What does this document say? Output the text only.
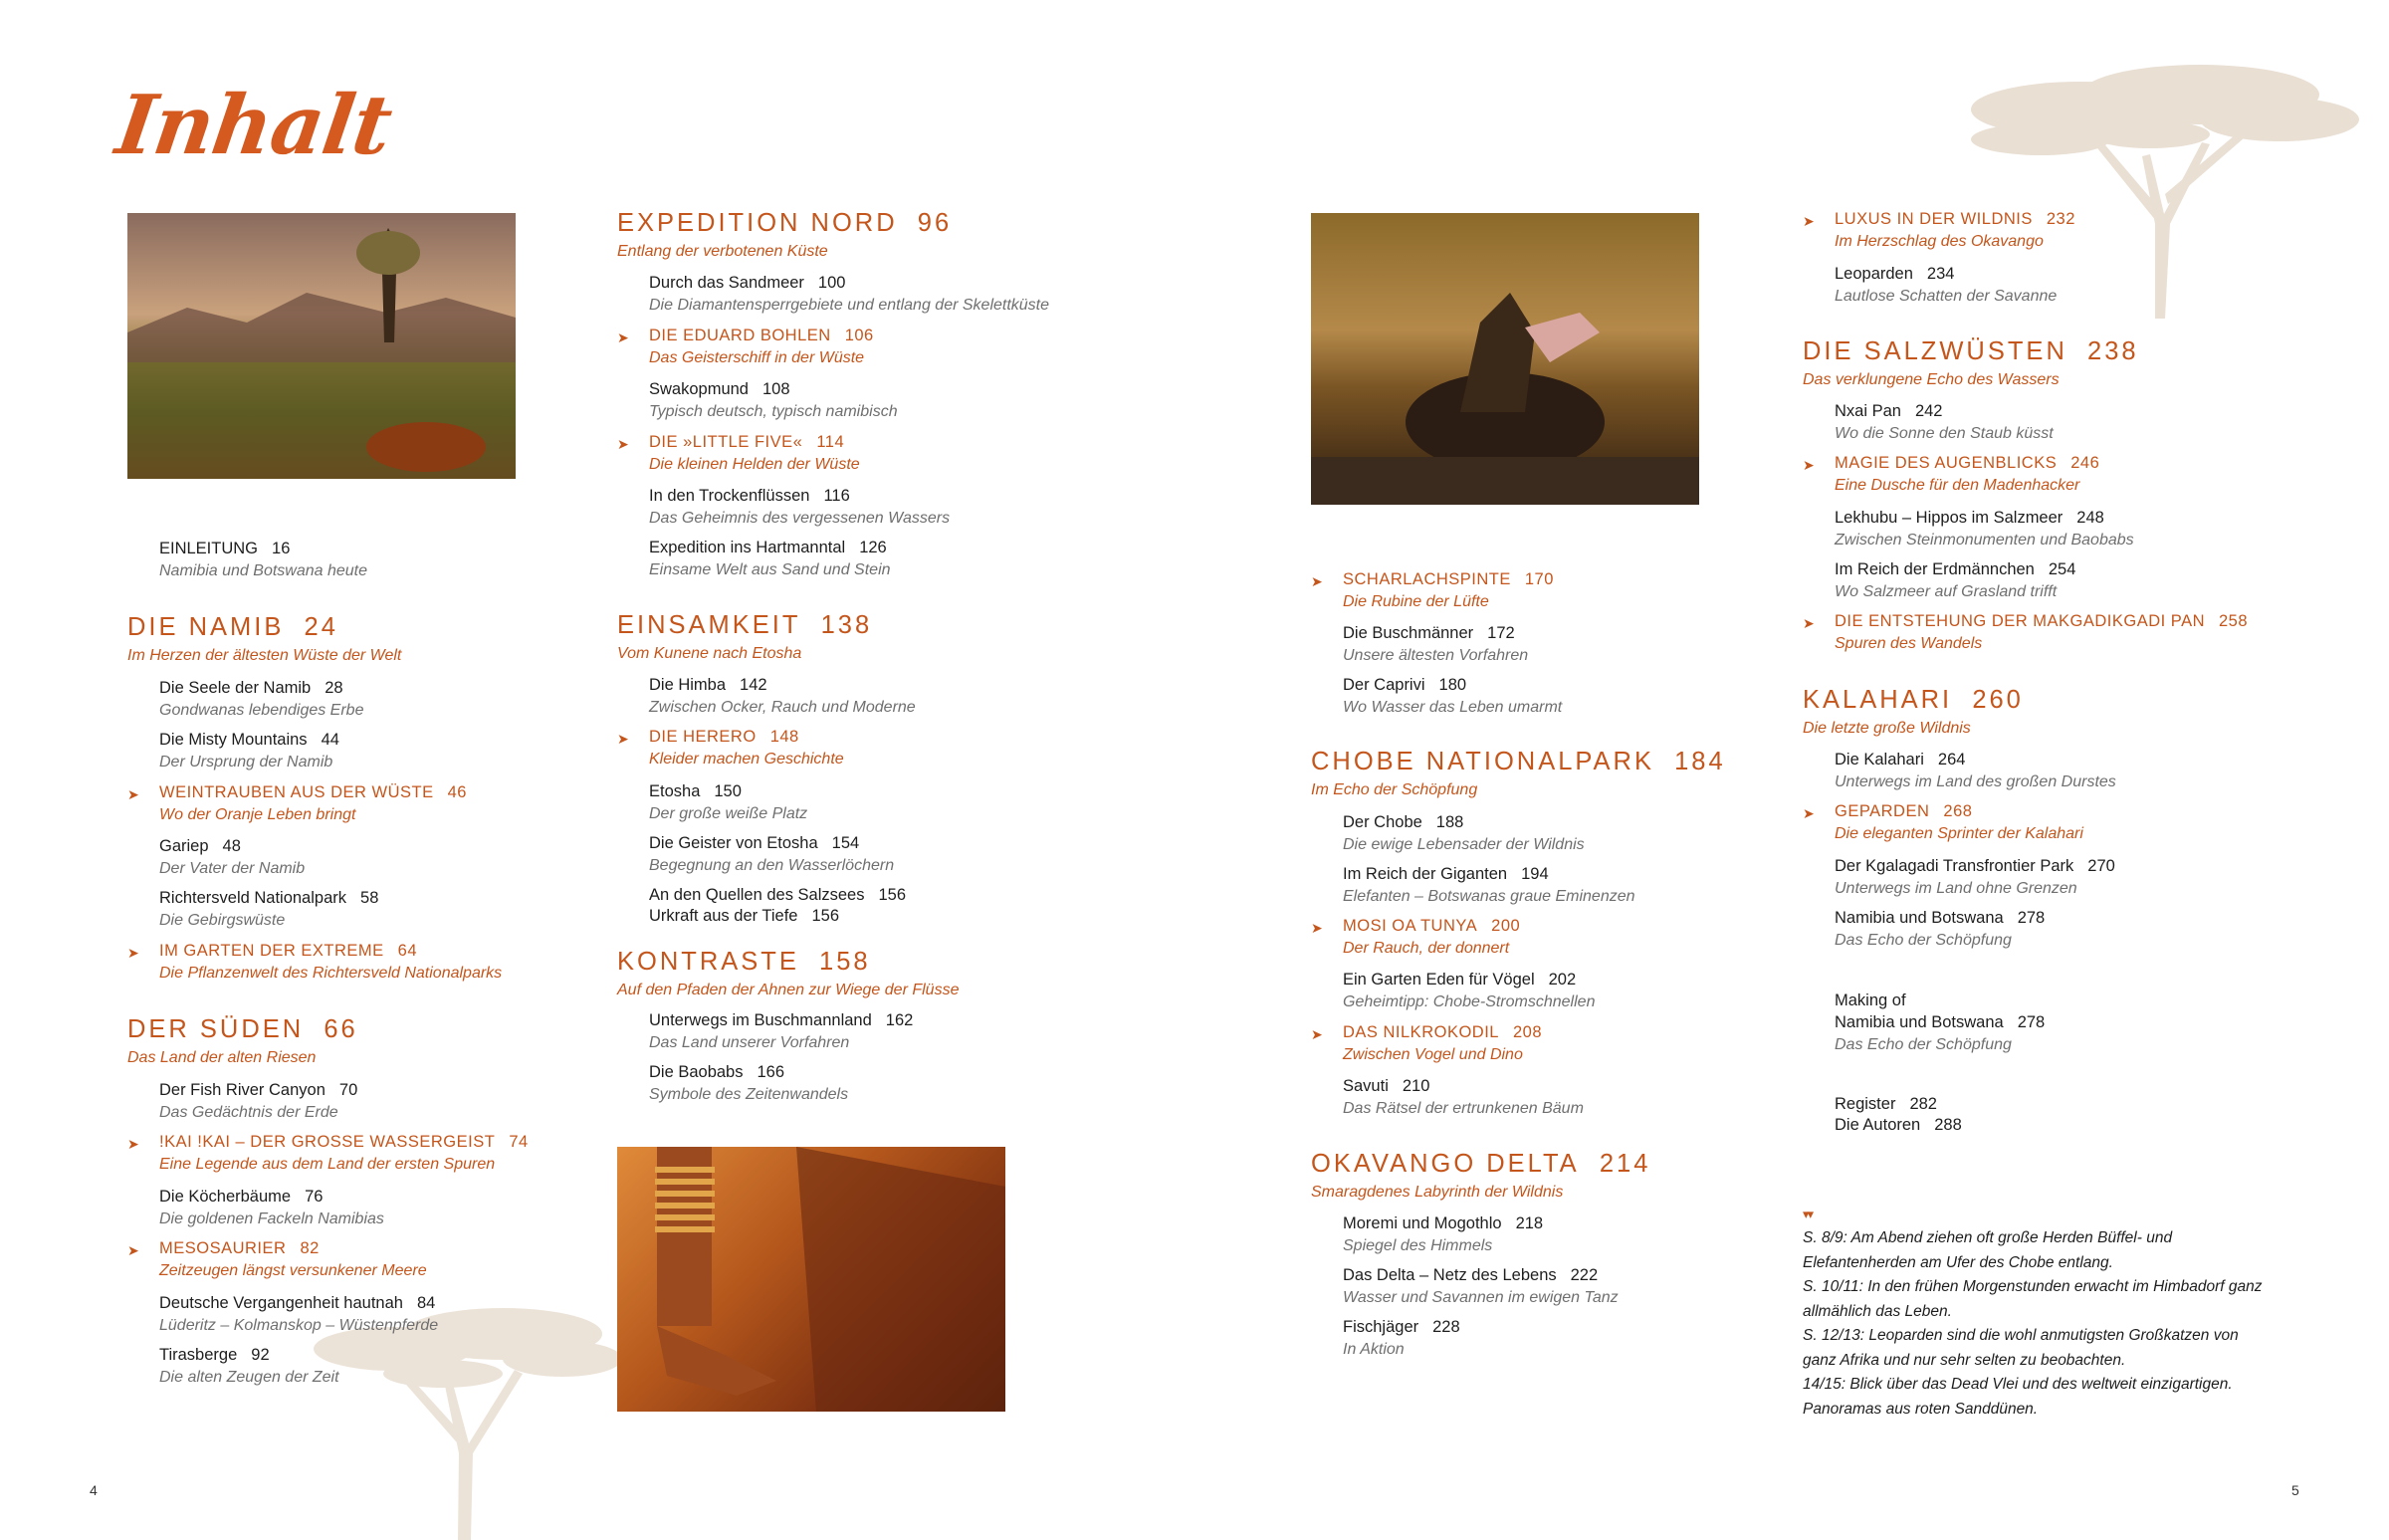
Inhalt
EINLEITUNG 16
Namibia und Botswana heute
DIE NAMIB 24
Im Herzen der ältesten Wüste der Welt
Die Seele der Namib 28
Gondwanas lebendiges Erbe
Die Misty Mountains 44
Der Ursprung der Namib
➤ WEINTRAUBEN AUS DER WÜSTE 46
Wo der Oranje Leben bringt
Gariep 48
Der Vater der Namib
Richtersveld Nationalpark 58
Die Gebirgswüste
➤ IM GARTEN DER EXTREME 64
Die Pflanzenwelt des Richtersveld Nationalparks
DER SÜDEN 66
Das Land der alten Riesen
Der Fish River Canyon 70
Das Gedächtnis der Erde
➤ !KAI !KAI – DER GROSSE WASSERGEIST 74
Eine Legende aus dem Land der ersten Spuren
Die Köcherbäume 76
Die goldenen Fackeln Namibias
➤ MESOSAURIER 82
Zeitzeugen längst versunkener Meere
Deutsche Vergangenheit hautnah 84
Lüderitz – Kolmanskop – Wüstenpferde
Tirasberge 92
Die alten Zeugen der Zeit
EXPEDITION NORD 96
Entlang der verbotenen Küste
Durch das Sandmeer 100
Die Diamantensperrgebiete und entlang der Skelettküste
➤ DIE EDUARD BOHLEN 106
Das Geisterschiff in der Wüste
Swakopmund 108
Typisch deutsch, typisch namibisch
➤ DIE »LITTLE FIVE« 114
Die kleinen Helden der Wüste
In den Trockenflüssen 116
Das Geheimnis des vergessenen Wassers
Expedition ins Hartmanntal 126
Einsame Welt aus Sand und Stein
EINSAMKEIT 138
Vom Kunene nach Etosha
Die Himba 142
Zwischen Ocker, Rauch und Moderne
➤ DIE HERERO 148
Kleider machen Geschichte
Etosha 150
Der große weiße Platz
Die Geister von Etosha 154
Begegnung an den Wasserlöchern
An den Quellen des Salzsees 156
Urkraft aus der Tiefe 156
KONTRASTE 158
Auf den Pfaden der Ahnen zur Wiege der Flüsse
Unterwegs im Buschmannland 162
Das Land unserer Vorfahren
Die Baobabs 166
Symbole des Zeitenwandels
➤ SCHARLACHSPINTE 170
Die Rubine der Lüfte
Die Buschmänner 172
Unsere ältesten Vorfahren
Der Caprivi 180
Wo Wasser das Leben umarmt
CHOBE NATIONALPARK 184
Im Echo der Schöpfung
Der Chobe 188
Die ewige Lebensader der Wildnis
Im Reich der Giganten 194
Elefanten – Botswanas graue Eminenzen
➤ MOSI OA TUNYA 200
Der Rauch, der donnert
Ein Garten Eden für Vögel 202
Geheimtipp: Chobe-Stromschnellen
➤ DAS NILKROKODIL 208
Zwischen Vogel und Dino
Savuti 210
Das Rätsel der ertrunkenen Bäum
OKAVANGO DELTA 214
Smaragdenes Labyrinth der Wildnis
Moremi und Mogothlo 218
Spiegel des Himmels
Das Delta – Netz des Lebens 222
Wasser und Savannen im ewigen Tanz
Fischjäger 228
In Aktion
➤ LUXUS IN DER WILDNIS 232
Im Herzschlag des Okavango
Leoparden 234
Lautlose Schatten der Savanne
DIE SALZWÜSTEN 238
Das verklungene Echo des Wassers
Nxai Pan 242
Wo die Sonne den Staub küsst
➤ MAGIE DES AUGENBLICKS 246
Eine Dusche für den Madenhacker
Lekhubu – Hippos im Salzmeer 248
Zwischen Steinmonumenten und Baobabs
Im Reich der Erdmännchen 254
Wo Salzmeer auf Grasland trifft
➤ DIE ENTSTEHUNG DER MAKGADIKGADI PAN 258
Spuren des Wandels
KALAHARI 260
Die letzte große Wildnis
Die Kalahari 264
Unterwegs im Land des großen Durstes
➤ GEPARDEN 268
Die eleganten Sprinter der Kalahari
Der Kgalagadi Transfrontier Park 270
Unterwegs im Land ohne Grenzen
Namibia und Botswana 278
Das Echo der Schöpfung
Making of
Namibia und Botswana 278
Das Echo der Schöpfung
Register 282
Die Autoren 288
▾▾
S. 8/9: Am Abend ziehen oft große Herden Büffel- und Elefantenherden am Ufer des Chobe entlang.
S. 10/11: In den frühen Morgenstunden erwacht im Himbadorf ganz allmählich das Leben.
S. 12/13: Leoparden sind die wohl anmutigsten Großkatzen von ganz Afrika und nur sehr selten zu beobachten.
14/15: Blick über das Dead Vlei und des weltweit einzigartigen. Panoramas aus roten Sanddünen.
4	5
